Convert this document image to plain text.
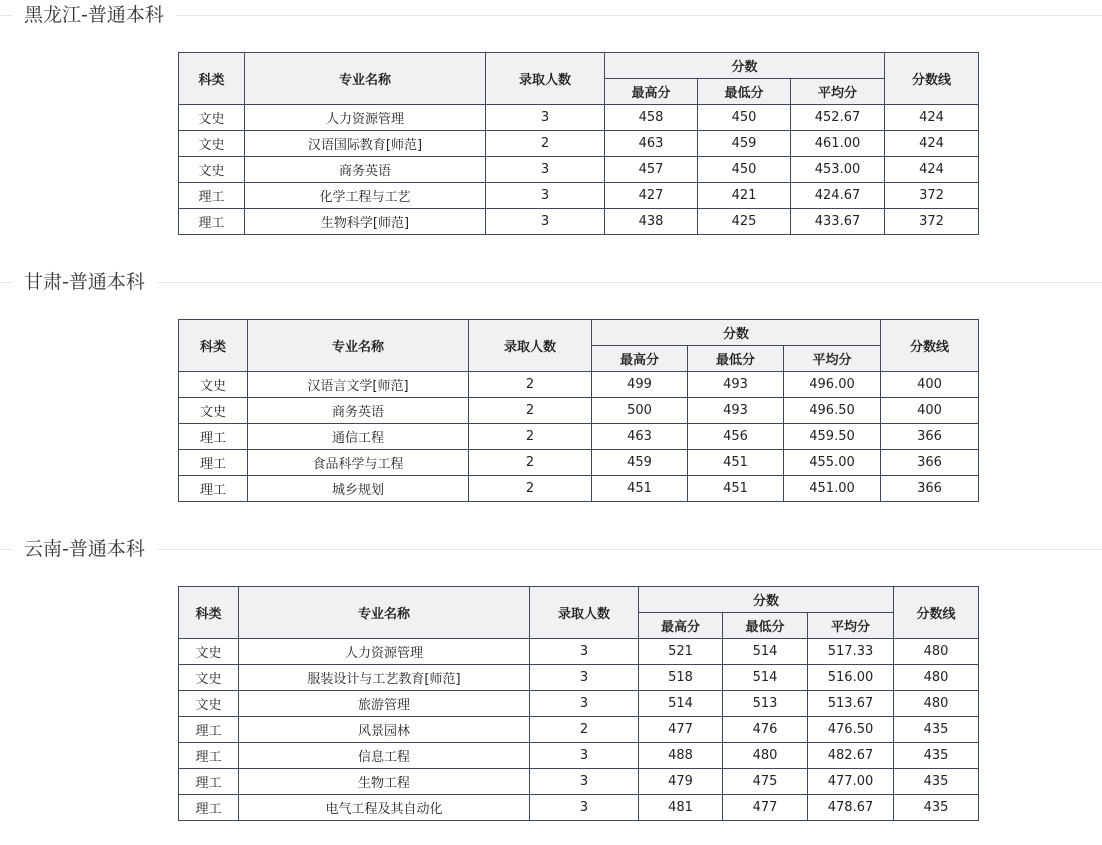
黑龙江-普通本科
科类	专业名称	录取人数	分数			分数线
			最高分	最低分	平均分	
文史	人力资源管理	3	458	450	452.67	424
文史	汉语国际教育[师范]	2	463	459	461.00	424
文史	商务英语	3	457	450	453.00	424
理工	化学工程与工艺	3	427	421	424.67	372
理工	生物科学[师范]	3	438	425	433.67	372
甘肃-普通本科
科类	专业名称	录取人数	分数			分数线
			最高分	最低分	平均分	
文史	汉语言文学[师范]	2	499	493	496.00	400
文史	商务英语	2	500	493	496.50	400
理工	通信工程	2	463	456	459.50	366
理工	食品科学与工程	2	459	451	455.00	366
理工	城乡规划	2	451	451	451.00	366
云南-普通本科
科类	专业名称	录取人数	分数			分数线
			最高分	最低分	平均分	
文史	人力资源管理	3	521	514	517.33	480
文史	服装设计与工艺教育[师范]	3	518	514	516.00	480
文史	旅游管理	3	514	513	513.67	480
理工	风景园林	2	477	476	476.50	435
理工	信息工程	3	488	480	482.67	435
理工	生物工程	3	479	475	477.00	435
理工	电气工程及其自动化	3	481	477	478.67	435
